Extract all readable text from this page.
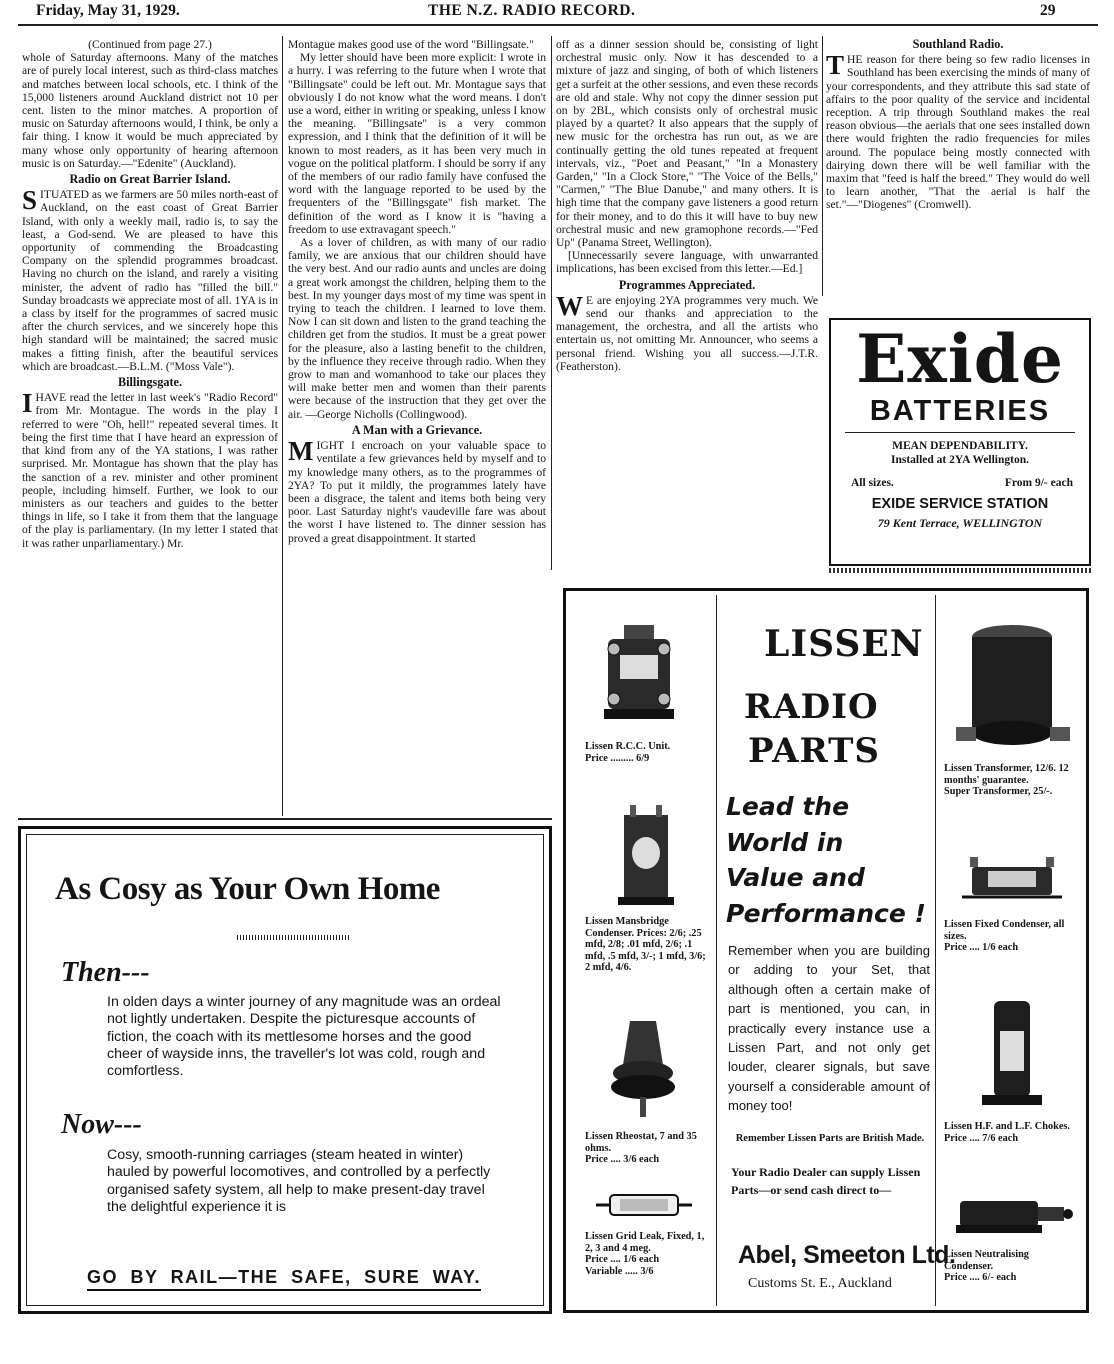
Friday, May 31, 1929.	THE N.Z. RADIO RECORD.	29
(Continued from page 27.)

whole of Saturday afternoons. Many of the matches are of purely local interest, such as third-class matches and matches between local schools, etc. I think of the 15,000 listeners around Auckland district not 10 per cent. listen to the minor matches. A proportion of music on Saturday afternoons would, I think, be only a fair thing. I know it would be much appreciated by many whose only opportunity of hearing afternoon music is on Saturday.—"Edenite" (Auckland).

Radio on Great Barrier Island.

SITUATED as we farmers are 50 miles north-east of Auckland, on the east coast of Great Barrier Island, with only a weekly mail, radio is, to say the least, a God-send. We are pleased to have this opportunity of commending the Broadcasting Company on the splendid programmes broadcast. Having no church on the island, and rarely a visiting minister, the advent of radio has "filled the bill." Sunday broadcasts we appreciate most of all. 1YA is in a class by itself for the programmes of sacred music after the church services, and we sincerely hope this high standard will be maintained; the sacred music makes a fitting finish, after the beautiful services which are broadcast.—B.L.M. ("Moss Vale").

Billingsgate.

IHAVE read the letter in last week's "Radio Record" from Mr. Montague. The words in the play I referred to were "Oh, hell!" repeated several times. It being the first time that I have heard an expression of that kind from any of the YA stations, I was rather surprised. Mr. Montague has shown that the play has the sanction of a rev. minister and other prominent people, including himself. Further, we look to our ministers as our teachers and guides to the better things in life, so I take it from them that the language of the play is parliamentary. (In my letter I stated that it was rather unparliamentary.) Mr.

Montague makes good use of the word "Billingsate."

My letter should have been more explicit: I wrote in a hurry. I was referring to the future when I wrote that "Billingsate" could be left out. Mr. Montague says that obviously I do not know what the word means. I don't use a word, either in writing or speaking, unless I know the meaning. "Billingsate" is a very common expression, and I think that the definition of it will be known to most readers, as it has been very much in vogue on the political platform. I should be sorry if any of the members of our radio family have confused the word with the language reported to be used by the frequenters of the "Billingsgate" fish market. The definition of the word as I know it is "having a freedom to use extravagant speech."

As a lover of children, as with many of our radio family, we are anxious that our children should have the very best. And our radio aunts and uncles are doing a great work amongst the children, helping them to the best. In my younger days most of my time was spent in trying to teach the children. I learned to love them. Now I can sit down and listen to the grand teaching the children get from the studios. It must be a great power for the pleasure, also a lasting benefit to the children, by the influence they receive through radio. When they grow to man and womanhood to take our places they will make better men and women than their parents were because of the instruction that they get over the air. —George Nicholls (Collingwood).

A Man with a Grievance.

MIGHT I encroach on your valuable space to ventilate a few grievances held by myself and to my knowledge many others, as to the programmes of 2YA? To put it mildly, the programmes lately have been a disgrace, the talent and items both being very poor. Last Saturday night's vaudeville fare was about the worst I have listened to. The dinner session has proved a great disappointment. It started

off as a dinner session should be, consisting of light orchestral music only. Now it has descended to a mixture of jazz and singing, of both of which listeners get a surfeit at the other sessions, and even these records are old and stale. Why not copy the dinner session put on by 2BL, which consists only of orchestral music played by a quartet? It also appears that the supply of new music for the orchestra has run out, as we are continually getting the old tunes repeated at frequent intervals, viz., "Poet and Peasant," "In a Monastery Garden," "In a Clock Store," "The Voice of the Bells," "Carmen," "The Blue Danube," and many others. It is high time that the company gave listeners a good return for their money, and to do this it will have to buy new orchestral music and new gramophone records.—"Fed Up" (Panama Street, Wellington).

[Unnecessarily severe language, with unwarranted implications, has been excised from this letter.—Ed.]

Programmes Appreciated.

W E are enjoying 2YA programmes very much. We send our thanks and appreciation to the management, the orchestra, and all the artists who entertain us, not omitting Mr. Announcer, who seems a personal friend. Wishing you all success.—J.T.R. (Featherston).

Southland Radio.

THE reason for there being so few radio licenses in Southland has been exercising the minds of many of your correspondents, and they attribute this sad state of affairs to the poor quality of the service and incidental reception. A trip through Southland makes the real reason obvious—the aerials that one sees installed down there would frighten the radio frequencies for miles around. The populace being mostly connected with dairying down there will be well familiar with the maxim that "feed is half the breed." They would do well to learn another, "That the aerial is half the set."—"Diogenes" (Cromwell).

Exide
BATTERIES
MEAN DEPENDABILITY.
Installed at 2YA Wellington.
All sizes.	From 9/- each
EXIDE SERVICE STATION
79 Kent Terrace, WELLINGTON
As Cosy as Your Own Home
Then---
In olden days a winter journey of any magnitude was an ordeal not lightly undertaken. Despite the picturesque accounts of fiction, the coach with its mettlesome horses and the good cheer of wayside inns, the traveller's lot was cold, rough and comfortless.
Now---
Cosy, smooth-running carriages (steam heated in winter) hauled by powerful locomotives, and controlled by a perfectly organised safety system, all help to make present-day travel the delightful experience it is
GO BY RAIL—THE SAFE, SURE WAY.
Lissen R.C.C. Unit.
Price ......... 6/9
Lissen Mansbridge Condenser. Prices: 2/6; .25 mfd, 2/8; .01 mfd, 2/6; .1 mfd, .5 mfd, 3/-; 1 mfd, 3/6; 2 mfd, 4/6.
Lissen Rheostat, 7 and 35 ohms.
Price .... 3/6 each
Lissen Grid Leak, Fixed, 1, 2, 3 and 4 meg.
Price .... 1/6 each
Variable ..... 3/6
LISSEN
RADIO
PARTS
Lead the
World in
Value and
Performance !
Remember when you are building or adding to your Set, that although often a certain make of part is mentioned, you can, in practically every instance use a Lissen Part, and not only get louder, clearer signals, but save yourself a considerable amount of money too!
Remember Lissen Parts are British Made.
Your Radio Dealer can supply Lissen Parts—or send cash direct to—
Abel, Smeeton Ltd.
Customs St. E., Auckland
Lissen Transformer, 12/6. 12 months' guarantee.
Super Transformer, 25/-.
Lissen Fixed Condenser, all sizes.
Price .... 1/6 each
Lissen H.F. and L.F. Chokes.
Price .... 7/6 each
Lissen Neutralising Condenser.
Price .... 6/- each
